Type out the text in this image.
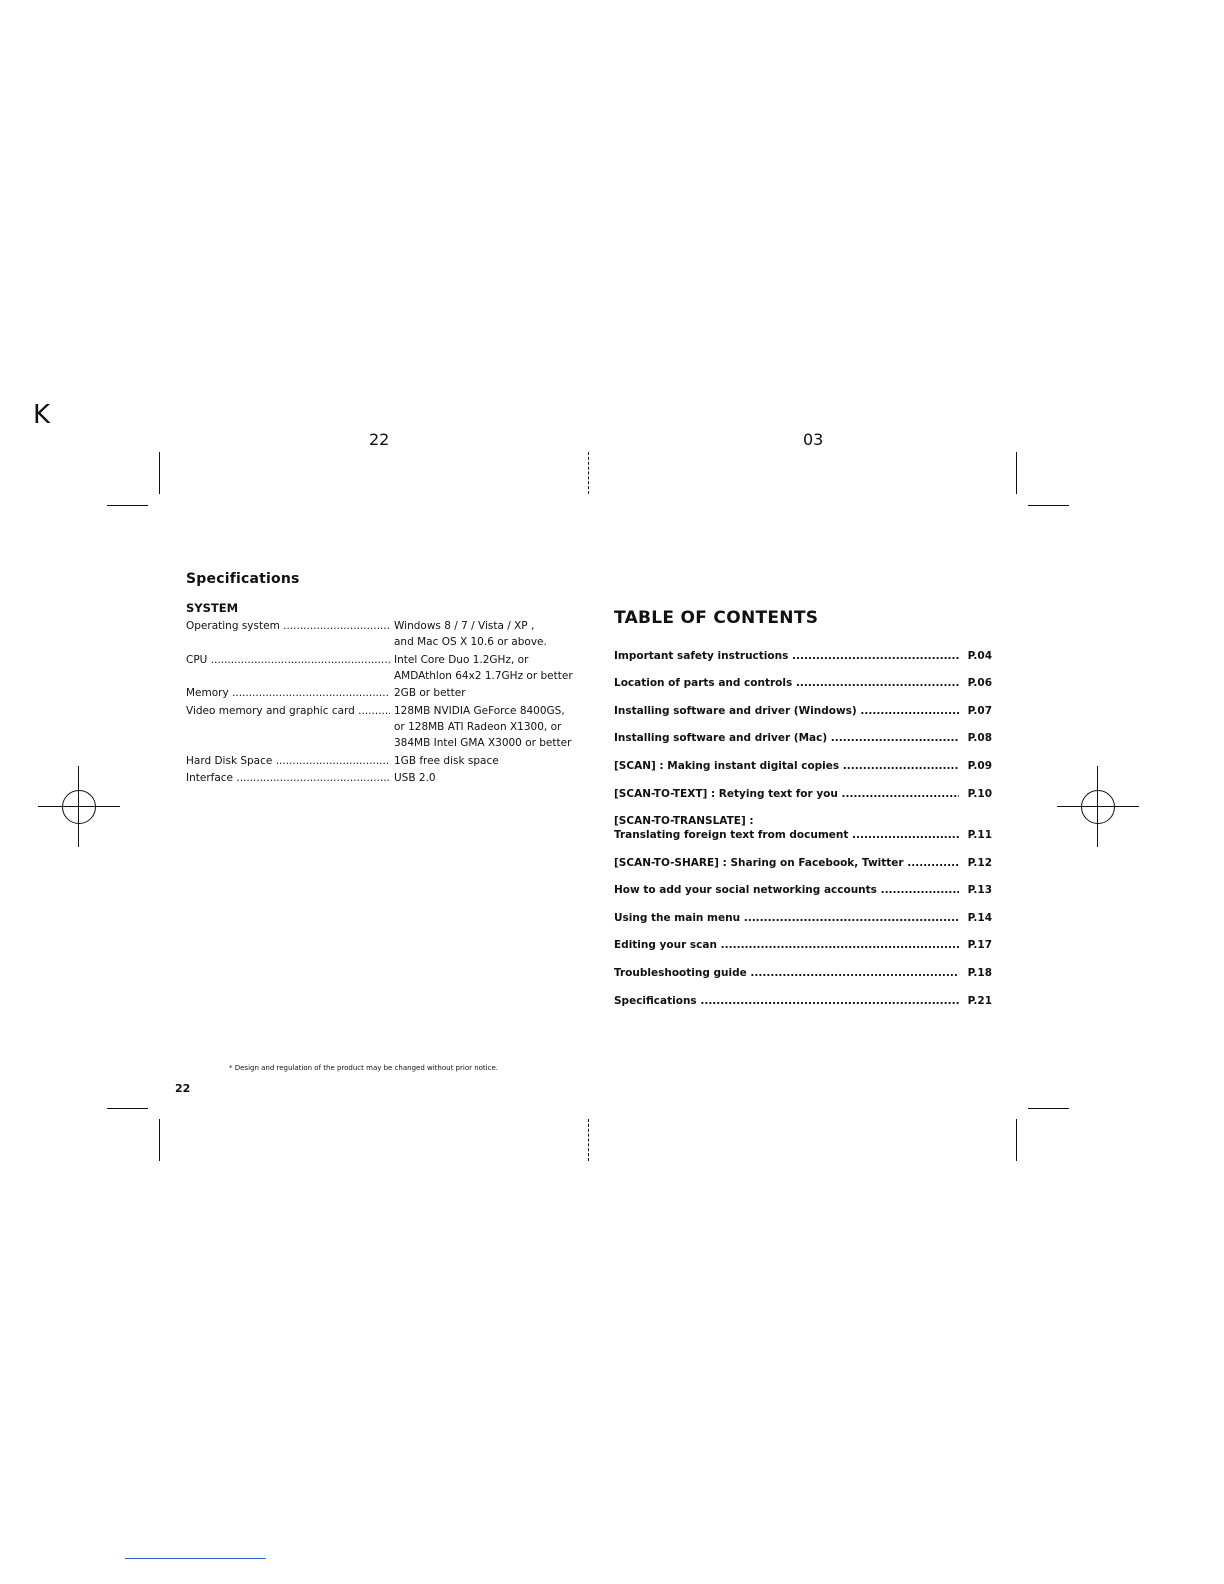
K
22	03
Specifications
SYSTEM
Operating system .....	Windows 8 / 7 / Vista / XP ,
and Mac OS X 10.6 or above.
CPU .....	Intel Core Duo 1.2GHz, or
AMDAthlon 64x2 1.7GHz or better
Memory .....	2GB or better
Video memory and graphic card .....	128MB NVIDIA GeForce 8400GS,
or 128MB ATI Radeon X1300, or
384MB Intel GMA X3000 or better
Hard Disk Space .....	1GB free disk space
Interface .....	USB 2.0
* Design and regulation of the product may be changed without prior notice.
22
TABLE OF CONTENTS
Important safety instructions .....	P.04
Location of parts and controls .....	P.06
Installing software and driver (Windows) .....	P.07
Installing software and driver (Mac) .....	P.08
[SCAN] : Making instant digital copies .....	P.09
[SCAN-TO-TEXT] : Retying text for you .....	P.10
[SCAN-TO-TRANSLATE] :
Translating foreign text from document .....	P.11
[SCAN-TO-SHARE] : Sharing on Facebook, Twitter .....	P.12
How to add your social networking accounts .....	P.13
Using the main menu .....	P.14
Editing your scan .....	P.17
Troubleshooting guide .....	P.18
Specifications .....	P.21
